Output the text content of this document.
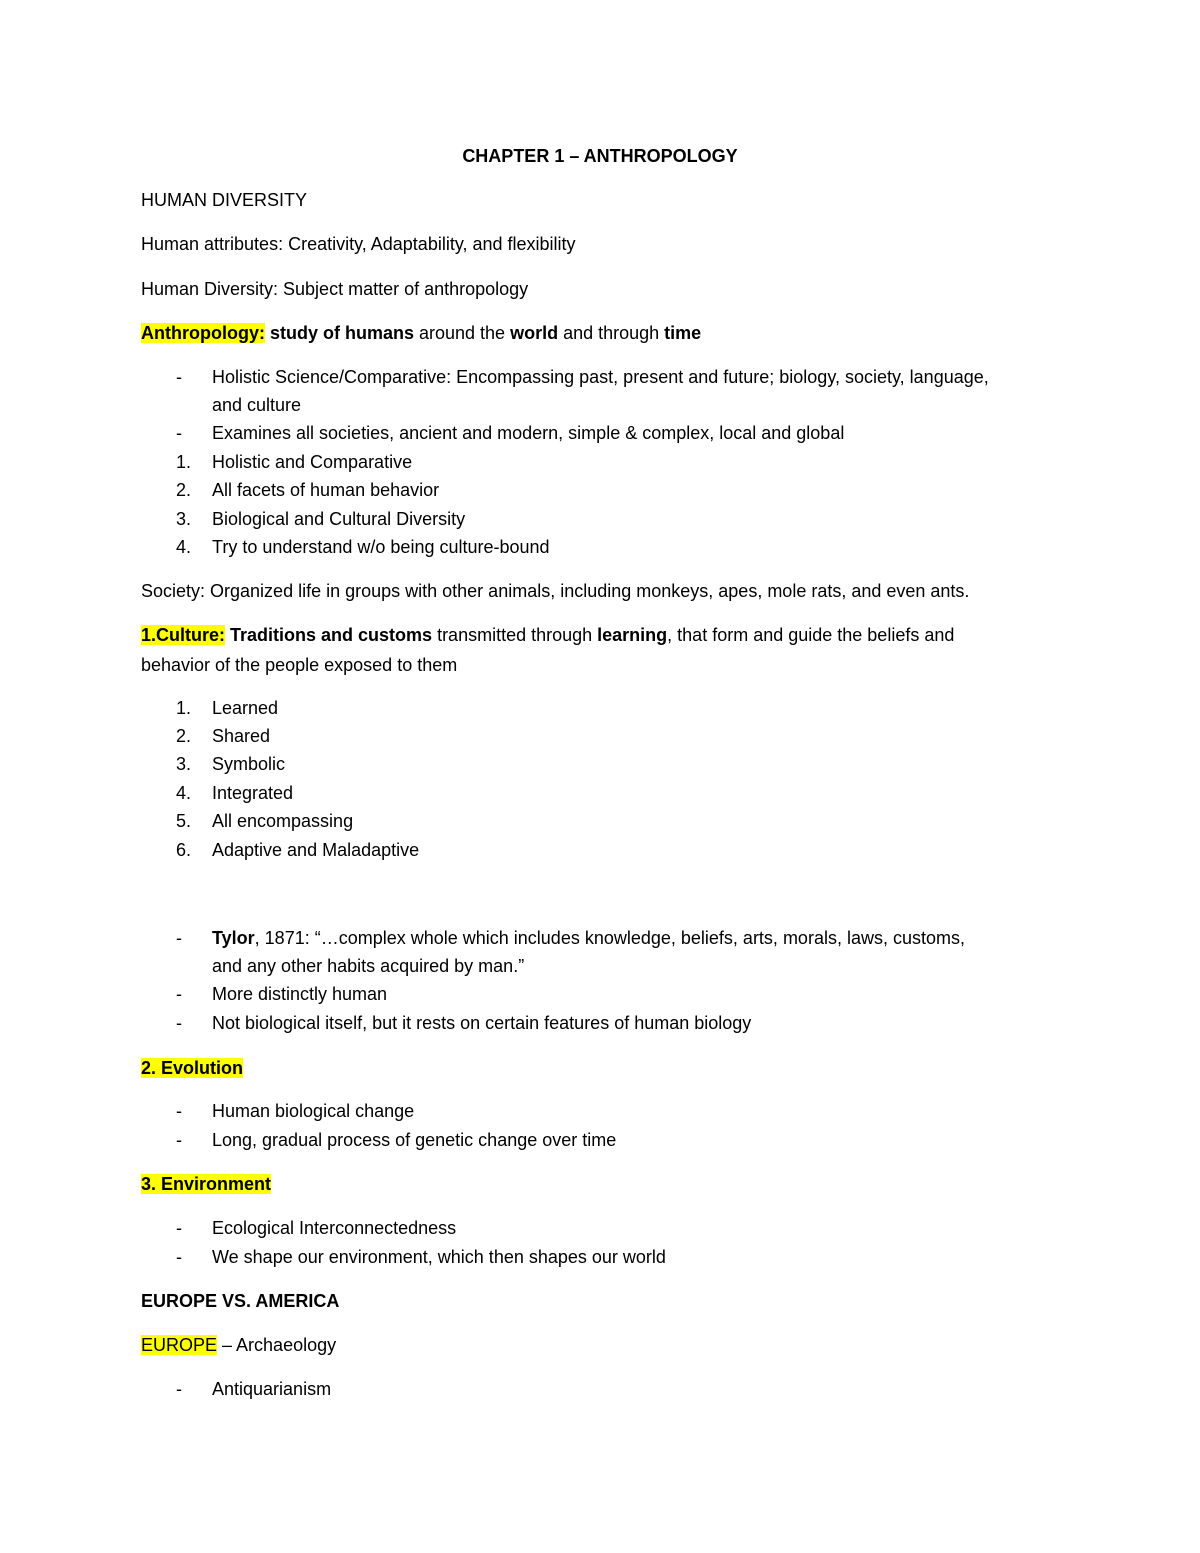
CHAPTER 1 – ANTHROPOLOGY
HUMAN DIVERSITY
Human attributes: Creativity, Adaptability, and flexibility
Human Diversity: Subject matter of anthropology
Anthropology: study of humans around the world and through time
- Holistic Science/Comparative: Encompassing past, present and future; biology, society, language,
and culture
- Examines all societies, ancient and modern, simple & complex, local and global
1. Holistic and Comparative
2. All facets of human behavior
3. Biological and Cultural Diversity
4. Try to understand w/o being culture-bound
Society: Organized life in groups with other animals, including monkeys, apes, mole rats, and even ants.
1.Culture: Traditions and customs transmitted through learning, that form and guide the beliefs and
behavior of the people exposed to them
1. Learned
2. Shared
3. Symbolic
4. Integrated
5. All encompassing
6. Adaptive and Maladaptive
- Tylor, 1871: “…complex whole which includes knowledge, beliefs, arts, morals, laws, customs,
and any other habits acquired by man.”
- More distinctly human
- Not biological itself, but it rests on certain features of human biology
2. Evolution
- Human biological change
- Long, gradual process of genetic change over time
3. Environment
- Ecological Interconnectedness
- We shape our environment, which then shapes our world
EUROPE VS. AMERICA
EUROPE – Archaeology
- Antiquarianism
